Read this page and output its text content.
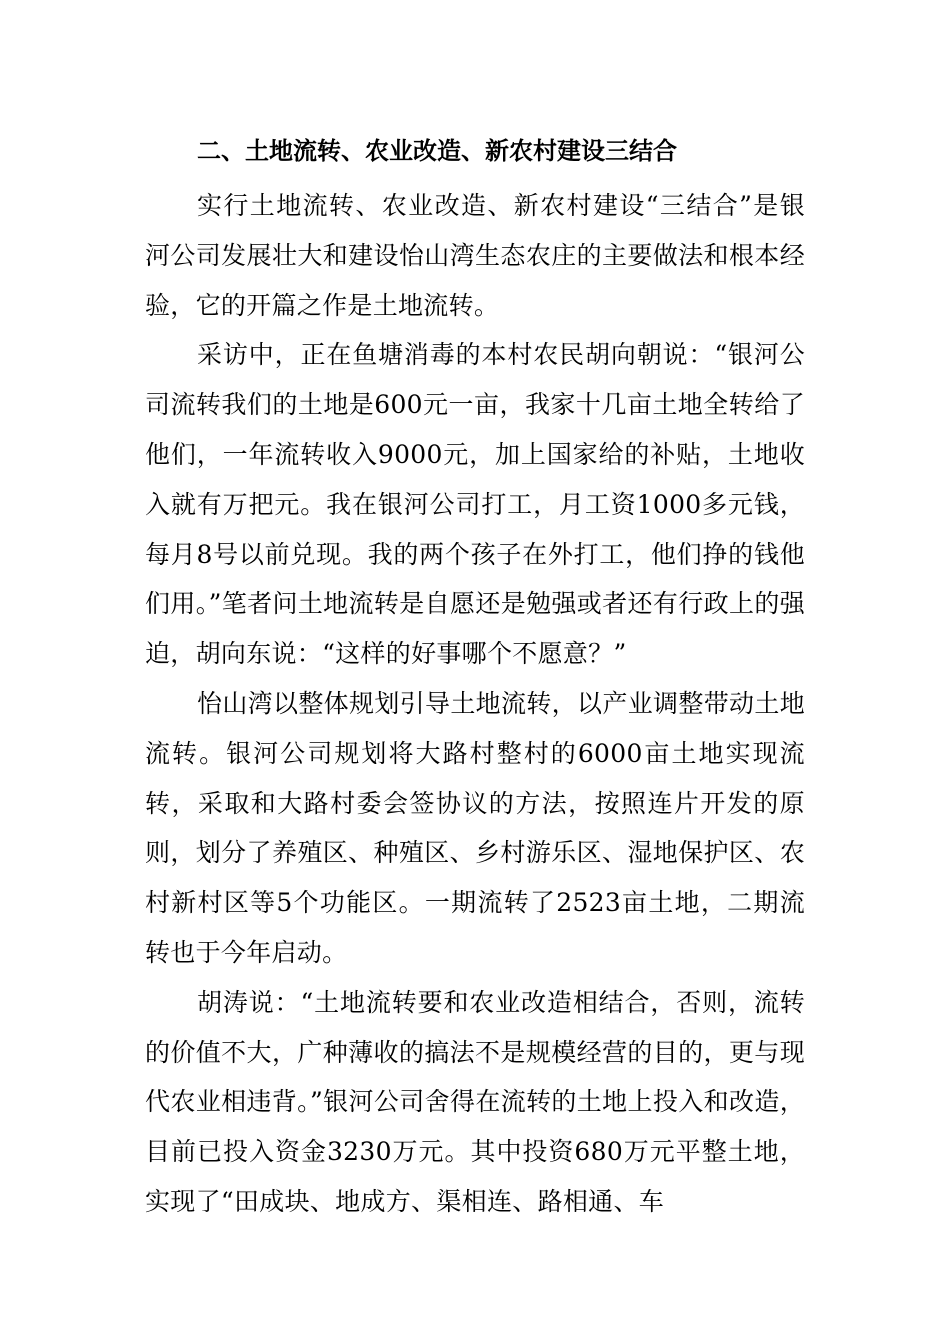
二、土地流转、农业改造、新农村建设三结合

实行土地流转、农业改造、新农村建设“三结合”是银河公司发展壮大和建设怡山湾生态农庄的主要做法和根本经验，它的开篇之作是土地流转。

采访中，正在鱼塘消毒的本村农民胡向朝说：“银河公司流转我们的土地是600元一亩，我家十几亩土地全转给了他们，一年流转收入9000元，加上国家给的补贴，土地收入就有万把元。我在银河公司打工，月工资1000多元钱，每月8号以前兑现。我的两个孩子在外打工，他们挣的钱他们用。”笔者问土地流转是自愿还是勉强或者还有行政上的强迫，胡向东说：“这样的好事哪个不愿意？”

怡山湾以整体规划引导土地流转，以产业调整带动土地流转。银河公司规划将大路村整村的6000亩土地实现流转，采取和大路村委会签协议的方法，按照连片开发的原则，划分了养殖区、种殖区、乡村游乐区、湿地保护区、农村新村区等5个功能区。一期流转了2523亩土地，二期流转也于今年启动。

胡涛说：“土地流转要和农业改造相结合，否则，流转的价值不大，广种薄收的搞法不是规模经营的目的，更与现代农业相违背。”银河公司舍得在流转的土地上投入和改造，目前已投入资金3230万元。其中投资680万元平整土地，实现了“田成块、地成方、渠相连、路相通、车
